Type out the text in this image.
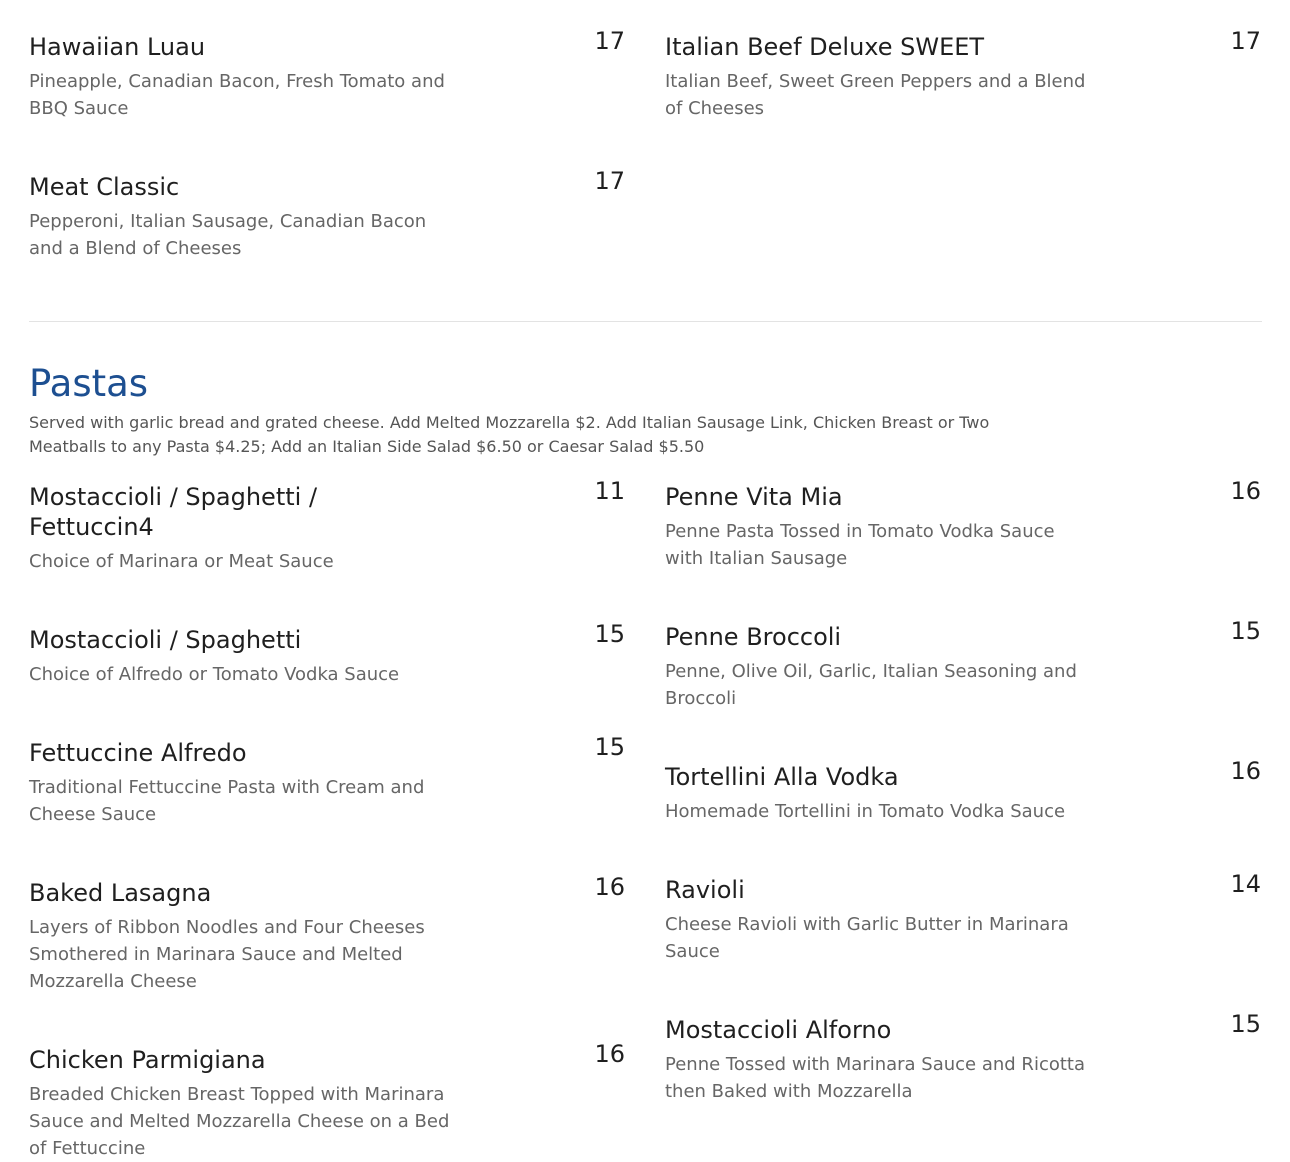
Hawaiian Luau	17
Pineapple, Canadian Bacon, Fresh Tomato and BBQ Sauce
Italian Beef Deluxe SWEET	17
Italian Beef, Sweet Green Peppers and a Blend of Cheeses
Meat Classic	17
Pepperoni, Italian Sausage, Canadian Bacon and a Blend of Cheeses
Pastas
Served with garlic bread and grated cheese. Add Melted Mozzarella $2. Add Italian Sausage Link, Chicken Breast or Two Meatballs to any Pasta $4.25; Add an Italian Side Salad $6.50 or Caesar Salad $5.50
Mostaccioli / Spaghetti / Fettuccin4
11
Choice of Marinara or Meat Sauce
Mostaccioli / Spaghetti	15
Choice of Alfredo or Tomato Vodka Sauce
Fettuccine Alfredo	15
Traditional Fettuccine Pasta with Cream and Cheese Sauce
Baked Lasagna	16
Layers of Ribbon Noodles and Four Cheeses Smothered in Marinara Sauce and Melted Mozzarella Cheese
Chicken Parmigiana	16
Breaded Chicken Breast Topped with Marinara Sauce and Melted Mozzarella Cheese on a Bed of Fettuccine
Penne Vita Mia	16
Penne Pasta Tossed in Tomato Vodka Sauce with Italian Sausage
Penne Broccoli	15
Penne, Olive Oil, Garlic, Italian Seasoning and Broccoli
Tortellini Alla Vodka	16
Homemade Tortellini in Tomato Vodka Sauce
Ravioli	14
Cheese Ravioli with Garlic Butter in Marinara Sauce
Mostaccioli Alforno	15
Penne Tossed with Marinara Sauce and Ricotta then Baked with Mozzarella
